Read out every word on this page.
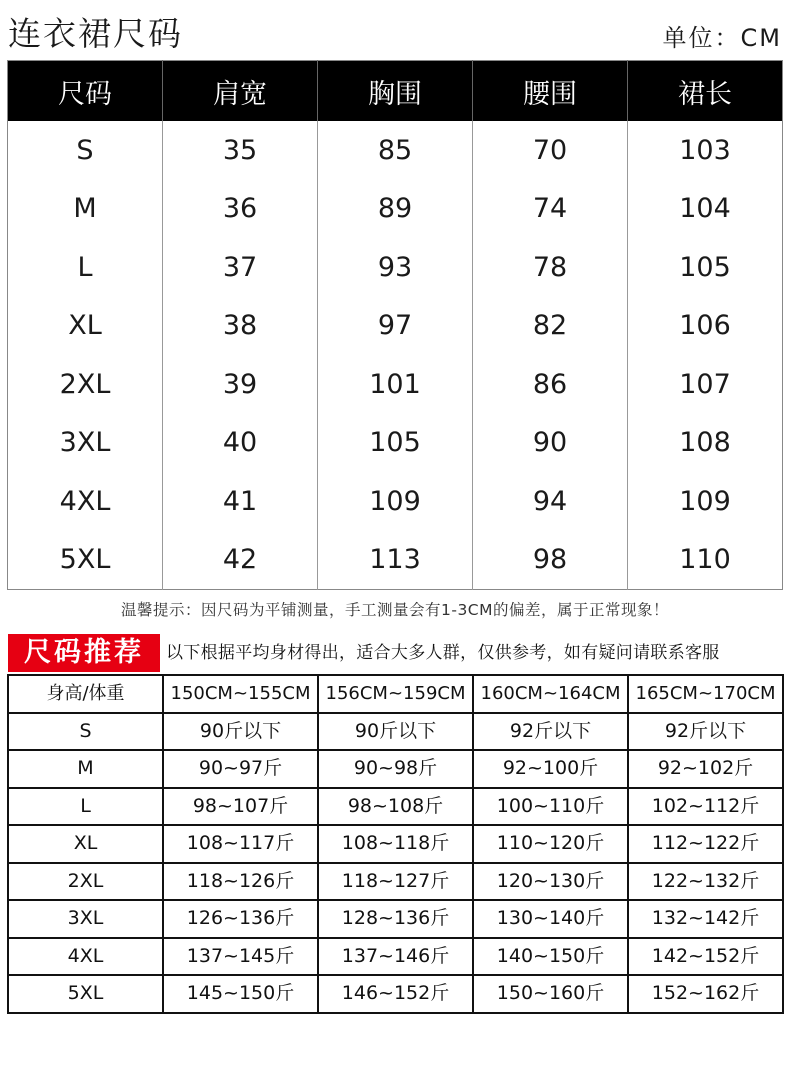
连衣裙尺码	单位：CM
尺码	肩宽	胸围	腰围	裙长
S	35	85	70	103
M	36	89	74	104
L	37	93	78	105
XL	38	97	82	106
2XL	39	101	86	107
3XL	40	105	90	108
4XL	41	109	94	109
5XL	42	113	98	110
温馨提示：因尺码为平铺测量，手工测量会有1-3CM的偏差，属于正常现象！
尺码推荐	以下根据平均身材得出，适合大多人群，仅供参考，如有疑问请联系客服
身高/体重	150CM~155CM	156CM~159CM	160CM~164CM	165CM~170CM
S	90斤以下	90斤以下	92斤以下	92斤以下
M	90~97斤	90~98斤	92~100斤	92~102斤
L	98~107斤	98~108斤	100~110斤	102~112斤
XL	108~117斤	108~118斤	110~120斤	112~122斤
2XL	118~126斤	118~127斤	120~130斤	122~132斤
3XL	126~136斤	128~136斤	130~140斤	132~142斤
4XL	137~145斤	137~146斤	140~150斤	142~152斤
5XL	145~150斤	146~152斤	150~160斤	152~162斤
